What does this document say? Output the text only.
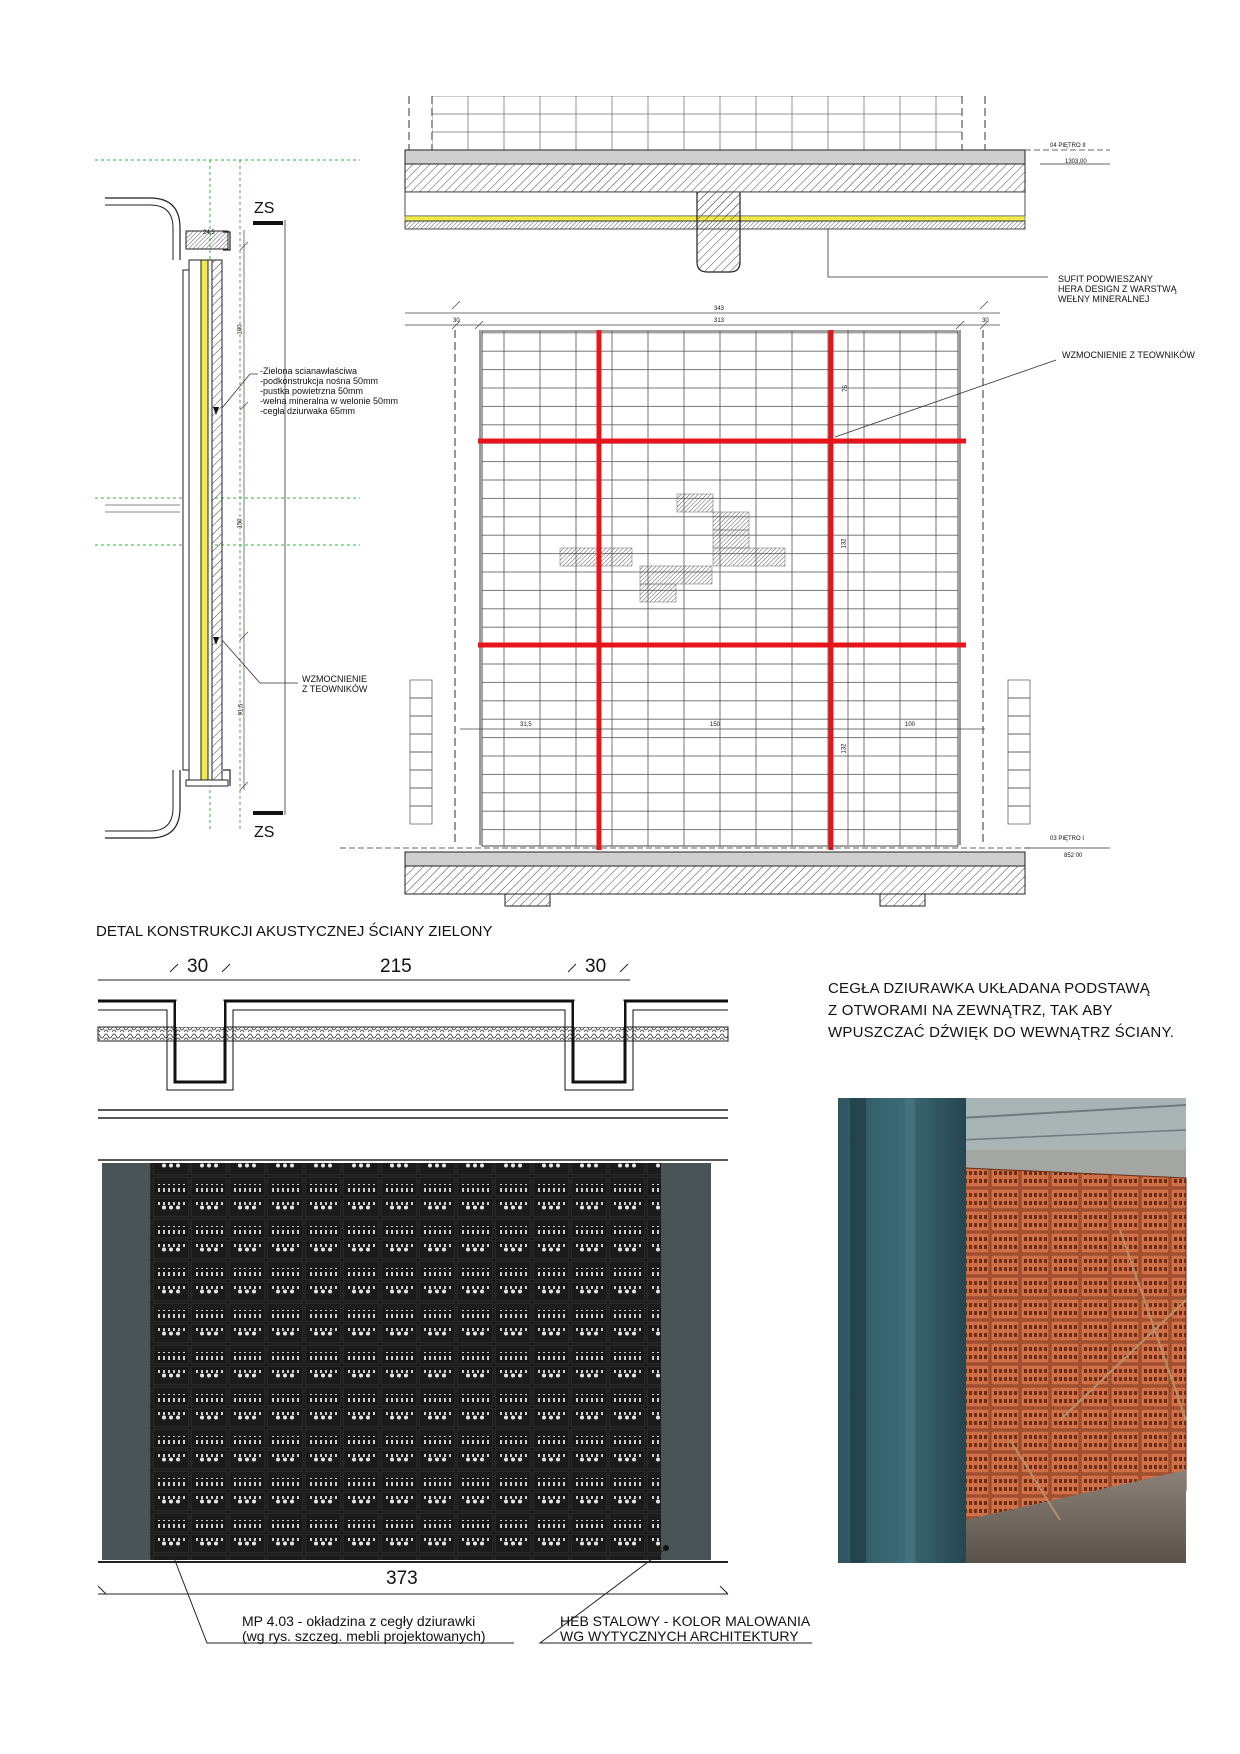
ZS
ZS
24,5
100
150
91,5
-Zielona scianawłaściwa
-podkonstrukcja nośna 50mm
-pustka powietrzna 50mm
-wełna mineralna w welonie 50mm
-cegła dziurwaka 65mm
WZMOCNIENIE
Z TEOWNIKÓW
04 PIĘTRO II
1303,00
SUFIT PODWIESZANY
HERA DESIGN Z WARSTWĄ
WEŁNY MINERALNEJ
WZMOCNIENIE Z TEOWNIKÓW
343
30	313	30
75
132
132
31,5	150	100
03 PIĘTRO I
852 00
DETAL KONSTRUKCJI AKUSTYCZNEJ ŚCIANY ZIELONY
30	215	30
373
MP 4.03 - okładzina z cegły dziurawki
(wg rys. szczeg. mebli projektowanych)
HEB STALOWY - KOLOR MALOWANIA
WG WYTYCZNYCH ARCHITEKTURY
CEGŁA DZIURAWKA UKŁADANA PODSTAWĄ
Z OTWORAMI NA ZEWNĄTRZ, TAK ABY
WPUSZCZAĆ DŹWIĘK DO WEWNĄTRZ ŚCIANY.
